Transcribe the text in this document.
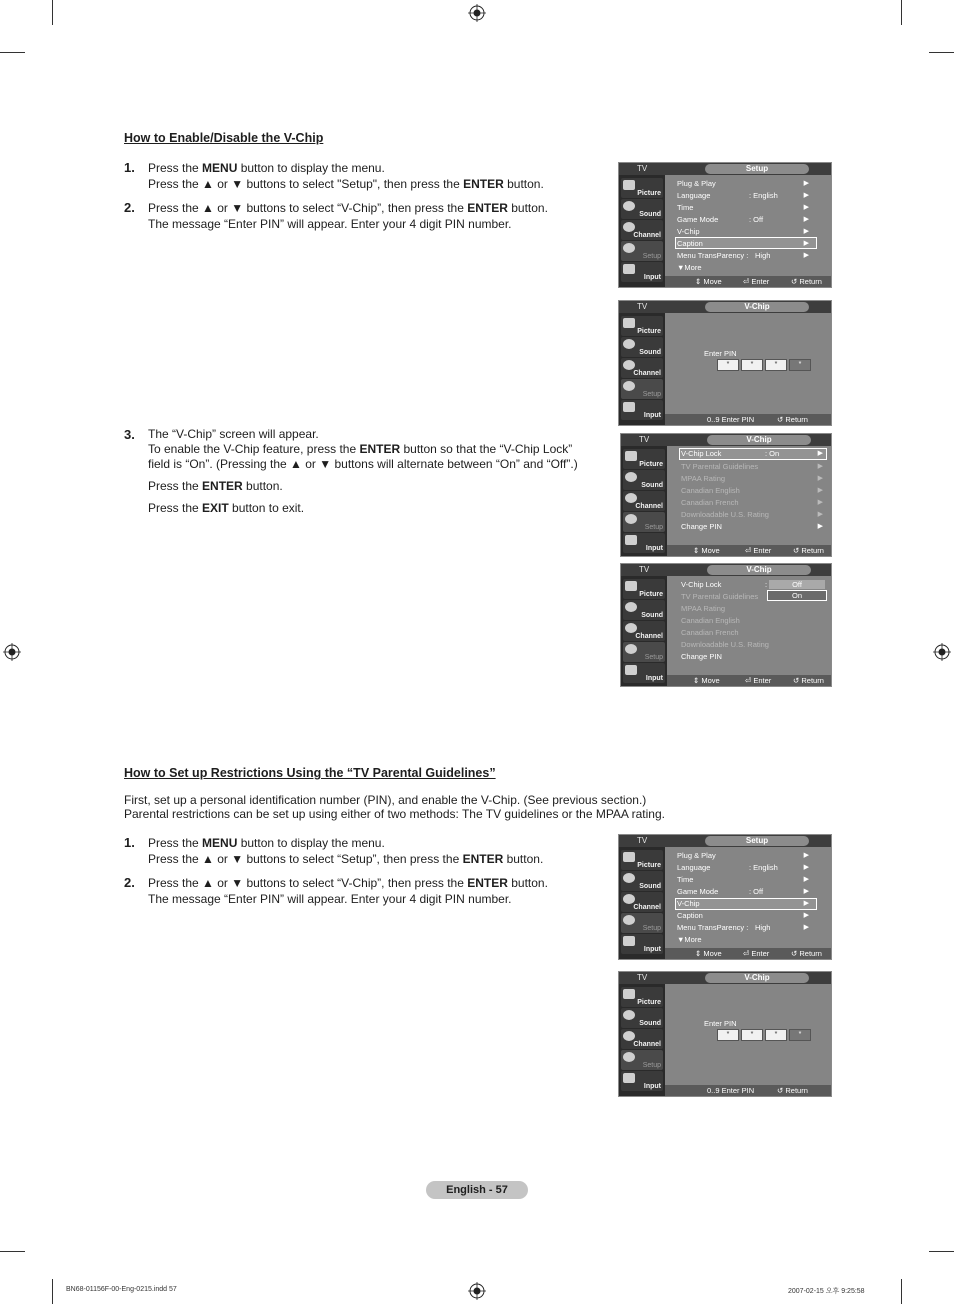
How to Enable/Disable the V-Chip
1. Press the MENU button to display the menu.
Press the ▲ or ▼ buttons to select "Setup", then press the ENTER button.
2. Press the ▲ or ▼ buttons to select “V-Chip”, then press the ENTER button.
The message “Enter PIN” will appear. Enter your 4 digit PIN number.
3. The “V-Chip” screen will appear.
To enable the V-Chip feature, press the ENTER button so that the “V-Chip Lock”
field is “On”. (Pressing the ▲ or ▼ buttons will alternate between “On” and “Off”.)
Press the ENTER button.
Press the EXIT button to exit.
How to Set up Restrictions Using the “TV Parental Guidelines”
First, set up a personal identification number (PIN), and enable the V-Chip. (See previous section.)
Parental restrictions can be set up using either of two methods: The TV guidelines or the MPAA rating.
1. Press the MENU button to display the menu.
Press the ▲ or ▼ buttons to select “Setup”, then press the ENTER button.
2. Press the ▲ or ▼ buttons to select “V-Chip”, then press the ENTER button.
The message “Enter PIN” will appear. Enter your 4 digit PIN number.
TV	Setup
Picture
Sound
Channel
Setup
Input
Plug & Play	▶
Language	: English	▶
Time	▶
Game Mode	: Off	▶
V-Chip	▶
Caption	▶
Menu TransParency : High	▶
▼More
⇕ Move	⏎ Enter	↺ Return
TV	V-Chip
Picture
Sound
Channel
Setup
Input
Enter PIN
*	*	*	*
0..9 Enter PIN	↺ Return
TV	V-Chip
Picture
Sound
Channel
Setup
Input
V-Chip Lock	: On	▶
TV Parental Guidelines	▶
MPAA Rating	▶
Canadian English	▶
Canadian French	▶
Downloadable U.S. Rating	▶
Change PIN	▶
⇕ Move	⏎ Enter	↺ Return
TV	V-Chip
Picture
Sound
Channel
Setup
Input
V-Chip Lock	:	Off
On
TV Parental Guidelines
MPAA Rating
Canadian English
Canadian French
Downloadable U.S. Rating
Change PIN
⇕ Move	⏎ Enter	↺ Return
TV	Setup
Picture
Sound
Channel
Setup
Input
Plug & Play	▶
Language	: English	▶
Time	▶
Game Mode	: Off	▶
V-Chip	▶
Caption	▶
Menu TransParency : High	▶
▼More
⇕ Move	⏎ Enter	↺ Return
TV	V-Chip
Picture
Sound
Channel
Setup
Input
Enter PIN
*	*	*	*
0..9 Enter PIN	↺ Return
English - 57
BN68-01156F-00-Eng-0215.indd 57	2007-02-15 오후 9:25:58
